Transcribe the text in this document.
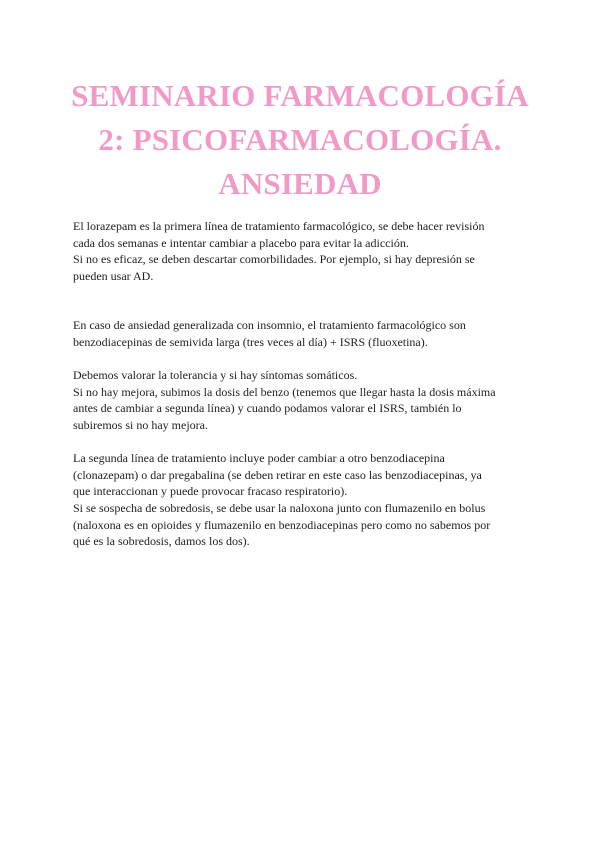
SEMINARIO FARMACOLOGÍA
2: PSICOFARMACOLOGÍA.
ANSIEDAD

El lorazepam es la primera línea de tratamiento farmacológico, se debe hacer revisión
cada dos semanas e intentar cambiar a placebo para evitar la adicción.
Si no es eficaz, se deben descartar comorbilidades. Por ejemplo, si hay depresión se
pueden usar AD.

En caso de ansiedad generalizada con insomnio, el tratamiento farmacológico son
benzodiacepinas de semivida larga (tres veces al día) + ISRS (fluoxetina).

Debemos valorar la tolerancia y si hay síntomas somáticos.
Si no hay mejora, subimos la dosis del benzo (tenemos que llegar hasta la dosis máxima
antes de cambiar a segunda línea) y cuando podamos valorar el ISRS, también lo
subiremos si no hay mejora.

La segunda línea de tratamiento incluye poder cambiar a otro benzodiacepina
(clonazepam) o dar pregabalina (se deben retirar en este caso las benzodiacepinas, ya
que interaccionan y puede provocar fracaso respiratorio).
Si se sospecha de sobredosis, se debe usar la naloxona junto con flumazenilo en bolus
(naloxona es en opioides y flumazenilo en benzodiacepinas pero como no sabemos por
qué es la sobredosis, damos los dos).
